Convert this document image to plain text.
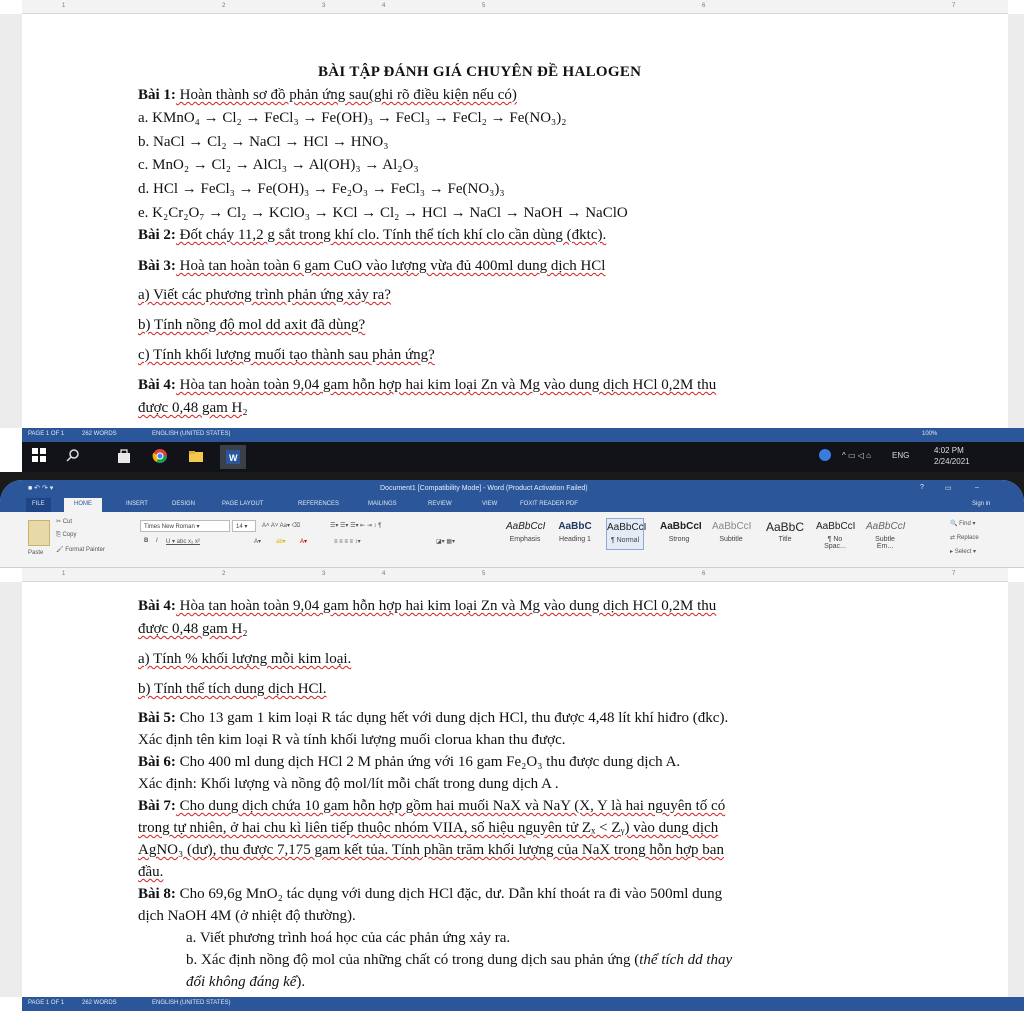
1	2	3	4	5	6	7
BÀI TẬP ĐÁNH GIÁ CHUYÊN ĐỀ HALOGEN
Bài 1: Hoàn thành sơ đồ phản ứng sau(ghi rõ điều kiện nếu có)
a. KMnO₄ → Cl₂ → FeCl₃ → Fe(OH)₃ → FeCl₃ → FeCl₂ → Fe(NO₃)₂
b. NaCl → Cl₂ → NaCl → HCl → HNO₃
c. MnO₂ → Cl₂ → AlCl₃ → Al(OH)₃ → Al₂O₃
d. HCl → FeCl₃ → Fe(OH)₃ → Fe₂O₃ → FeCl₃ → Fe(NO₃)₃
e. K₂Cr₂O₇ → Cl₂ → KClO₃ → KCl → Cl₂ → HCl → NaCl → NaOH → NaClO
Bài 2: Đốt cháy 11,2 g sắt trong khí clo. Tính thể tích khí clo cần dùng (đktc).
Bài 3: Hoà tan hoàn toàn 6 gam CuO vào lượng vừa đủ 400ml dung dịch HCl
a) Viết các phương trình phản ứng xảy ra?
b) Tính nồng độ mol dd axit đã dùng?
c) Tính khối lượng muối tạo thành sau phản ứng?
Bài 4: Hòa tan hoàn toàn 9,04 gam hỗn hợp hai kim loại Zn và Mg vào dung dịch HCl 0,2M thu
được 0,48 gam H₂
PAGE 1 OF 1	262 WORDS	ENGLISH (UNITED STATES)	100%
W	^ ▭ ◁ ⌂	ENG
4:02 PM
2/24/2021
■ ↶ ↷ ▾	Document1 [Compatibility Mode] - Word (Product Activation Failed)	?	▭	–
FILE	HOME	INSERT	DESIGN	PAGE LAYOUT	REFERENCES	MAILINGS	REVIEW	VIEW	FOXIT READER PDF	Sign in
Paste
✂ Cut
⎘ Copy
🖌 Format Painter
Times New Roman ▾	14 ▾	A˄ A˅ Aa▾ ⌫	☰▾ ☰▾ ☰▾ ⇤ ⇥ ↕ ¶
B I U ▾ abc x₂ x²	A▾ ab▾ A▾	≡ ≡ ≡ ≡ ↕▾	◪▾ ▦▾
AaBbCcI
Emphasis
AaBbC
Heading 1
AaBbCcI
¶ Normal
AaBbCcI
Strong
AaBbCcI
Subtitle
AaBbC
Title
AaBbCcI
¶ No Spac...
AaBbCcI
Subtle Em...
🔍 Find ▾
⇄ Replace
▸ Select ▾
1	2	3	4	5	6	7
Bài 4: Hòa tan hoàn toàn 9,04 gam hỗn hợp hai kim loại Zn và Mg vào dung dịch HCl 0,2M thu
được 0,48 gam H₂
a) Tính % khối lượng mỗi kim loại.
b) Tính thể tích dung dịch HCl.
Bài 5: Cho 13 gam 1 kim loại R tác dụng hết với dung dịch HCl, thu được 4,48 lít khí hiđro (đkc).
Xác định tên kim loại R và tính khối lượng muối clorua khan thu được.
Bài 6: Cho 400 ml dung dịch HCl 2 M phản ứng với 16 gam Fe₂O₃ thu được dung dịch A.
Xác định: Khối lượng và nồng độ mol/lít mỗi chất trong dung dịch A .
Bài 7: Cho dung dịch chứa 10 gam hỗn hợp gồm hai muối NaX và NaY (X, Y là hai nguyên tố có
trong tự nhiên, ở hai chu kì liên tiếp thuộc nhóm VIIA, số hiệu nguyên tử Zₓ < Zᵧ) vào dung dịch
AgNO₃ (dư), thu được 7,175 gam kết tủa. Tính phần trăm khối lượng của NaX trong hỗn hợp ban
đầu.
Bài 8: Cho 69,6g MnO₂ tác dụng với dung dịch HCl đặc, dư. Dẫn khí thoát ra đi vào 500ml dung
dịch NaOH 4M (ở nhiệt độ thường).
a. Viết phương trình hoá học của các phản ứng xảy ra.
b. Xác định nồng độ mol của những chất có trong dung dịch sau phản ứng (thể tích dd thay
đổi không đáng kể).
PAGE 1 OF 1	262 WORDS	ENGLISH (UNITED STATES)
